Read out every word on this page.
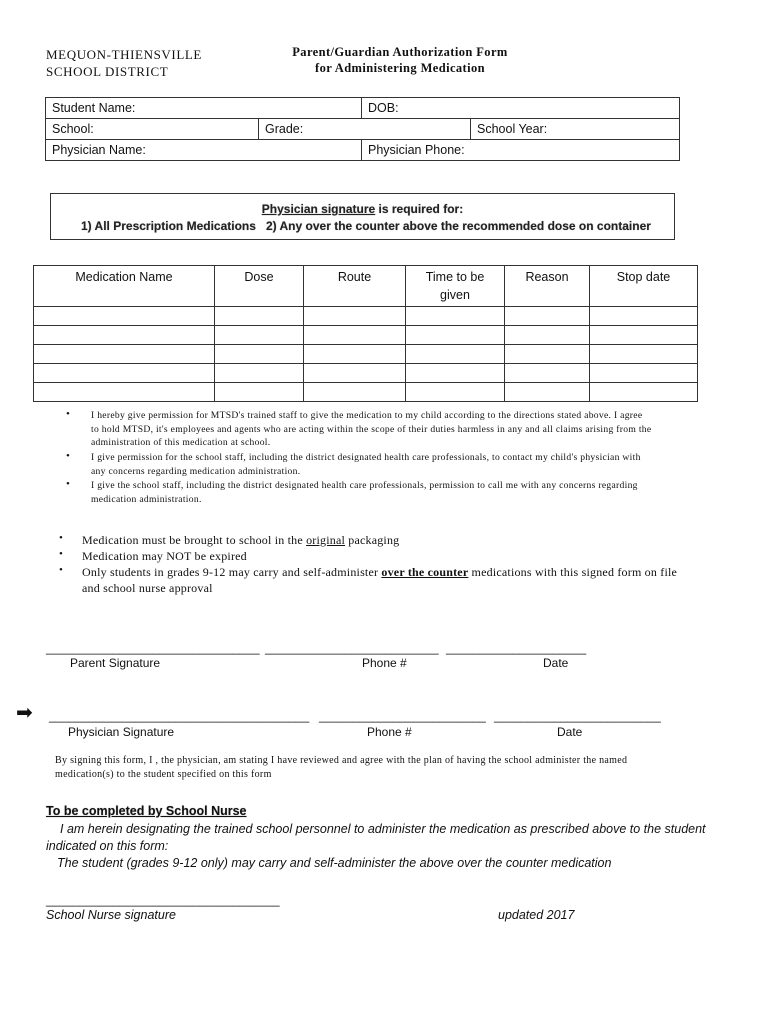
MEQUON-THIENSVILLE
SCHOOL DISTRICT
Parent/Guardian Authorization Form
for Administering Medication
Student Name:	DOB:
School:	Grade:	School Year:
Physician Name:	Physician Phone:
Physician signature is required for:
1) All Prescription Medications 2) Any over the counter above the recommended dose on container
Medication Name	Dose	Route	Time to be given	Reason	Stop date

• I hereby give permission for MTSD's trained staff to give the medication to my child according to the directions stated above. I agree
to hold MTSD, it's employees and agents who are acting within the scope of their duties harmless in any and all claims arising from the
administration of this medication at school.
• I give permission for the school staff, including the district designated health care professionals, to contact my child's physician with
any concerns regarding medication administration.
• I give the school staff, including the district designated health care professionals, permission to call me with any concerns regarding
medication administration.
• Medication must be brought to school in the original packaging
• Medication may NOT be expired
• Only students in grades 9-12 may carry and self-administer over the counter medications with this signed form on file
and school nurse approval
________________________________ __________________________ _____________________
Parent Signature	Phone #	Date
➡ _______________________________________ _________________________ _________________________
Physician Signature	Phone #	Date
By signing this form, I , the physician, am stating I have reviewed and agree with the plan of having the school administer the named
medication(s) to the student specified on this form
To be completed by School Nurse
I am herein designating the trained school personnel to administer the medication as prescribed above to the student
indicated on this form:
The student (grades 9-12 only) may carry and self-administer the above over the counter medication
___________________________________
School Nurse signature	updated 2017
